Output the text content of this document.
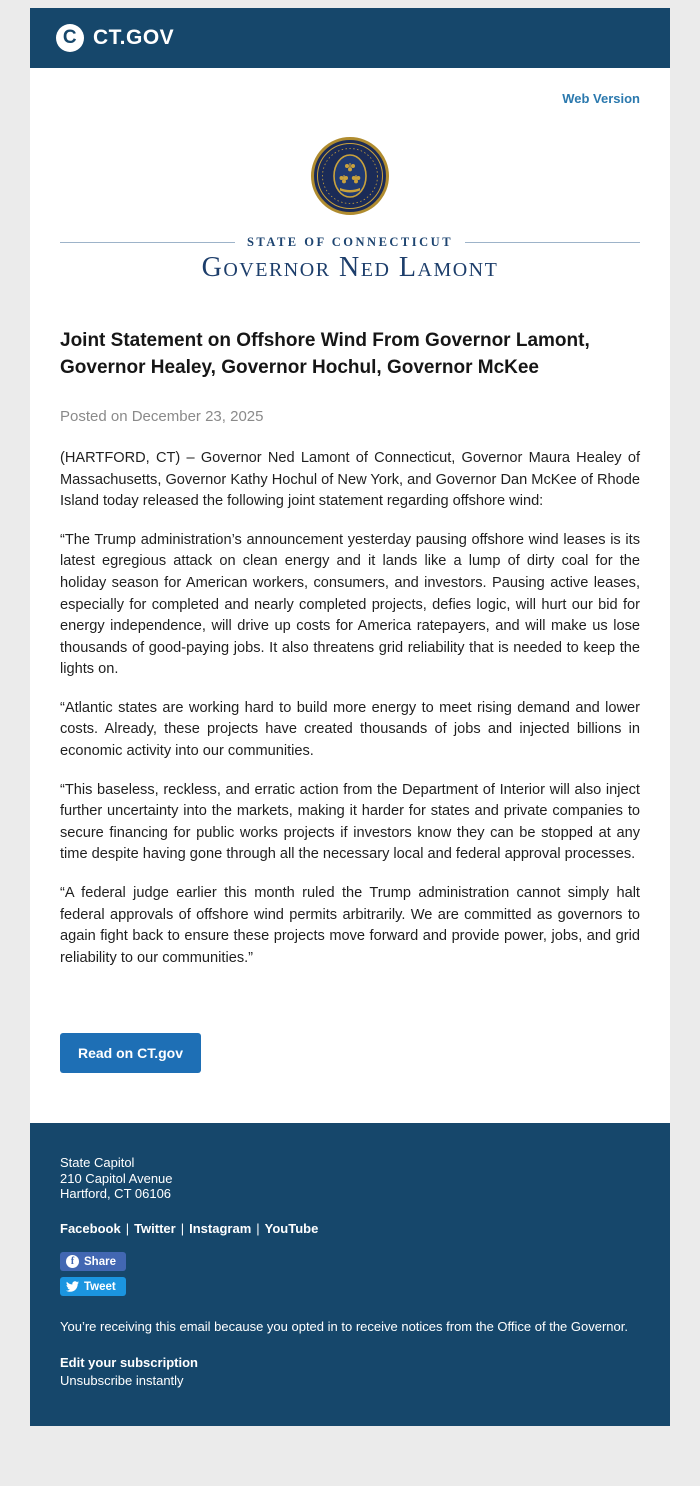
C CT.GOV
Web Version
STATE OF CONNECTICUT
Governor Ned Lamont
Joint Statement on Offshore Wind From Governor Lamont, Governor Healey, Governor Hochul, Governor McKee
Posted on December 23, 2025

(HARTFORD, CT) – Governor Ned Lamont of Connecticut, Governor Maura Healey of Massachusetts, Governor Kathy Hochul of New York, and Governor Dan McKee of Rhode Island today released the following joint statement regarding offshore wind:

“The Trump administration’s announcement yesterday pausing offshore wind leases is its latest egregious attack on clean energy and it lands like a lump of dirty coal for the holiday season for American workers, consumers, and investors. Pausing active leases, especially for completed and nearly completed projects, defies logic, will hurt our bid for energy independence, will drive up costs for America ratepayers, and will make us lose thousands of good-paying jobs. It also threatens grid reliability that is needed to keep the lights on.

“Atlantic states are working hard to build more energy to meet rising demand and lower costs. Already, these projects have created thousands of jobs and injected billions in economic activity into our communities.

“This baseless, reckless, and erratic action from the Department of Interior will also inject further uncertainty into the markets, making it harder for states and private companies to secure financing for public works projects if investors know they can be stopped at any time despite having gone through all the necessary local and federal approval processes.

“A federal judge earlier this month ruled the Trump administration cannot simply halt federal approvals of offshore wind permits arbitrarily. We are committed as governors to again fight back to ensure these projects move forward and provide power, jobs, and grid reliability to our communities.”

Read on CT.gov
State Capitol
210 Capitol Avenue
Hartford, CT 06106
Facebook | Twitter | Instagram | YouTube
f Share
Tweet
You’re receiving this email because you opted in to receive notices from the Office of the Governor.
Edit your subscription
Unsubscribe instantly
